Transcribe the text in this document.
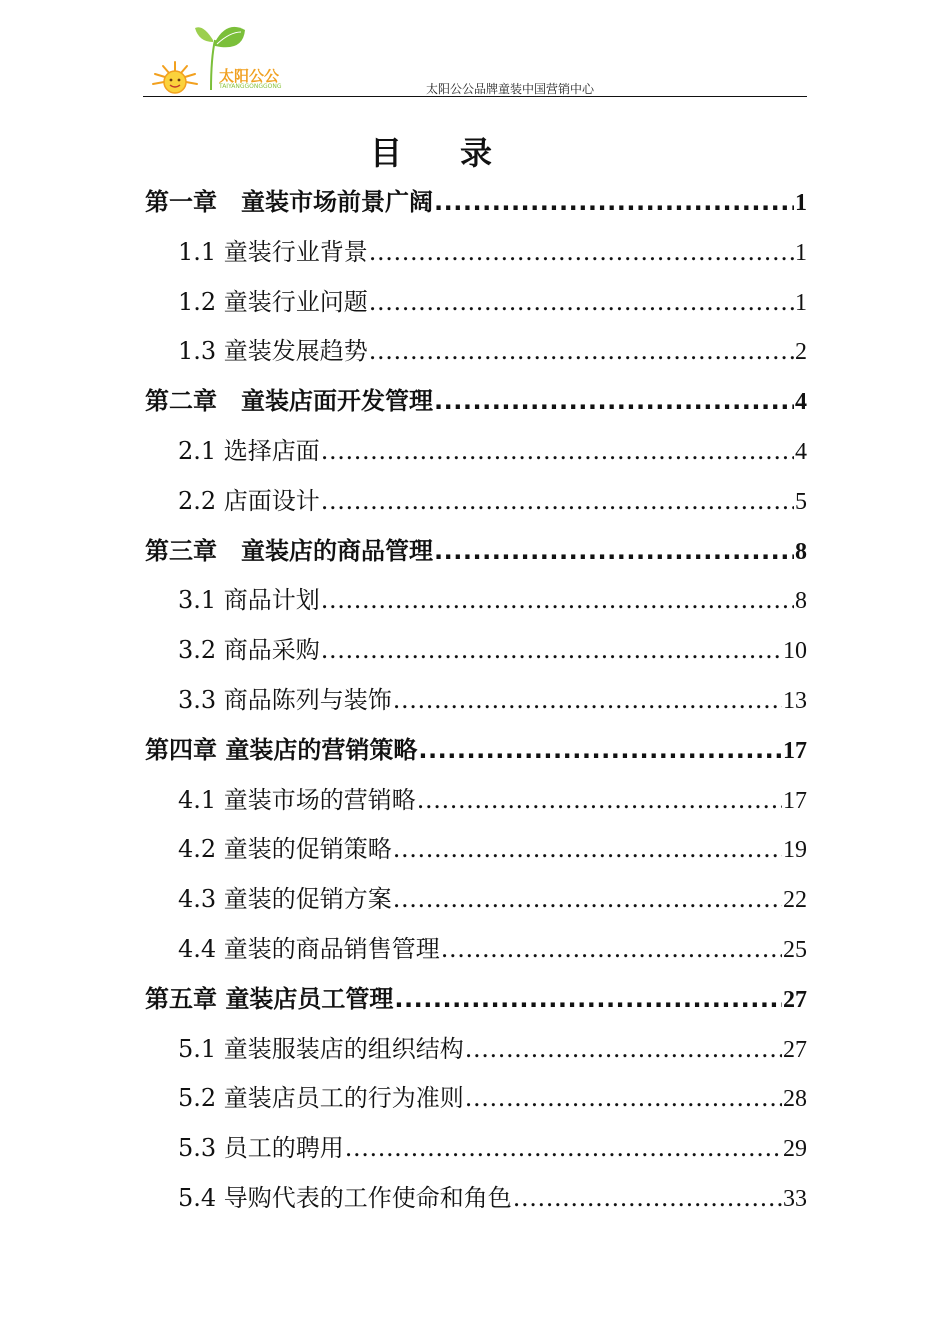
太阳公公
TAIYANGGONGGONG	太阳公公品牌童装中国营销中心
目录
第一章　童装市场前景广阔 .....	1
1.1 童装行业背景 .....	1
1.2 童装行业问题 .....	1
1.3 童装发展趋势 .....	2
第二章　童装店面开发管理 .....	4
2.1 选择店面 .....	4
2.2 店面设计 .....	5
第三章　童装店的商品管理 .....	8
3.1 商品计划 .....	8
3.2 商品采购 .....	10
3.3 商品陈列与装饰 .....	13
第四章 童装店的营销策略 .....	17
4.1 童装市场的营销略 .....	17
4.2 童装的促销策略 .....	19
4.3 童装的促销方案 .....	22
4.4 童装的商品销售管理 .....	25
第五章 童装店员工管理 .....	27
5.1 童装服装店的组织结构 .....	27
5.2 童装店员工的行为准则 .....	28
5.3 员工的聘用 .....	29
5.4 导购代表的工作使命和角色 .....	33
